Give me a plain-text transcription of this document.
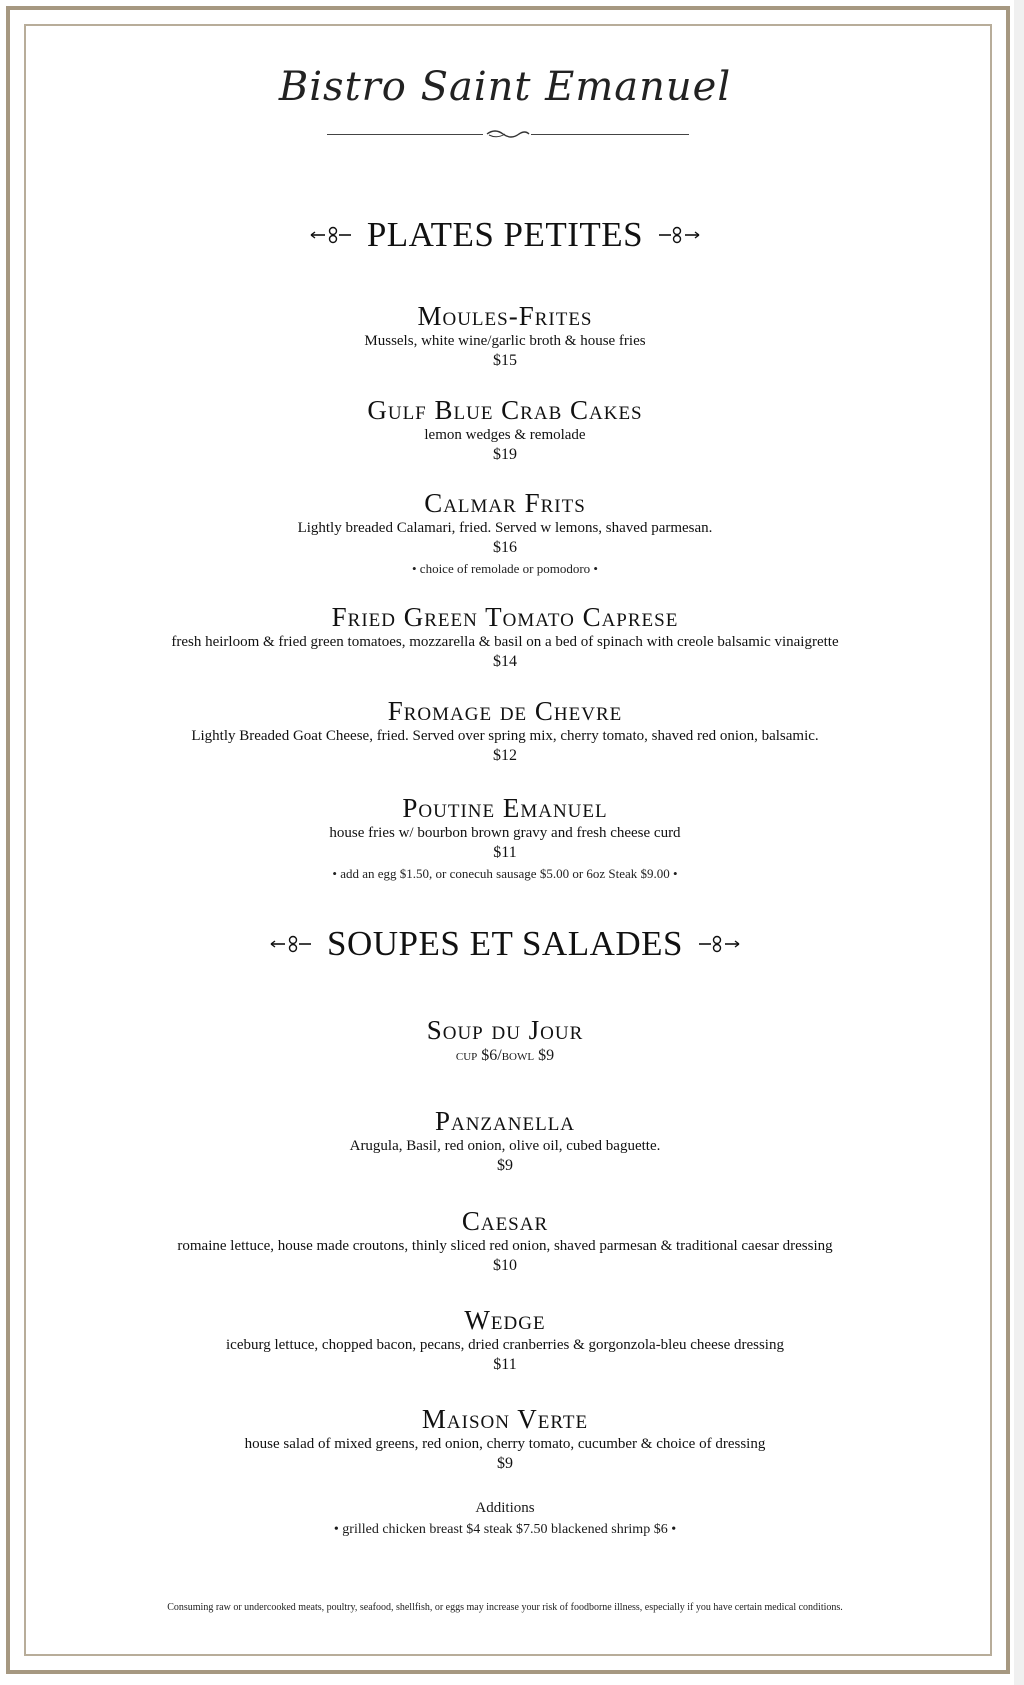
Bistro Saint Emanuel
PLATES PETITES
Moules-Frites
Mussels, white wine/garlic broth & house fries
$15
Gulf Blue Crab Cakes
lemon wedges & remolade
$19
Calmar Frits
Lightly breaded Calamari, fried. Served w lemons, shaved parmesan.
$16
• choice of remolade or pomodoro •
Fried Green Tomato Caprese
fresh heirloom & fried green tomatoes, mozzarella & basil on a bed of spinach with creole balsamic vinaigrette
$14
Fromage de Chevre
Lightly Breaded Goat Cheese, fried. Served over spring mix, cherry tomato, shaved red onion, balsamic.
$12
Poutine Emanuel
house fries w/ bourbon brown gravy and fresh cheese curd
$11
• add an egg $1.50, or conecuh sausage $5.00 or 6oz Steak $9.00 •
SOUPES ET SALADES
Soup du Jour
cup $6/bowl $9
Panzanella
Arugula, Basil, red onion, olive oil, cubed baguette.
$9
Caesar
romaine lettuce, house made croutons, thinly sliced red onion, shaved parmesan & traditional caesar dressing
$10
Wedge
iceburg lettuce, chopped bacon, pecans, dried cranberries & gorgonzola-bleu cheese dressing
$11
Maison Verte
house salad of mixed greens, red onion, cherry tomato, cucumber & choice of dressing
$9
Additions
• grilled chicken breast $4 steak $7.50 blackened shrimp $6 •
Consuming raw or undercooked meats, poultry, seafood, shellfish, or eggs may increase your risk of foodborne illness, especially if you have certain medical conditions.
